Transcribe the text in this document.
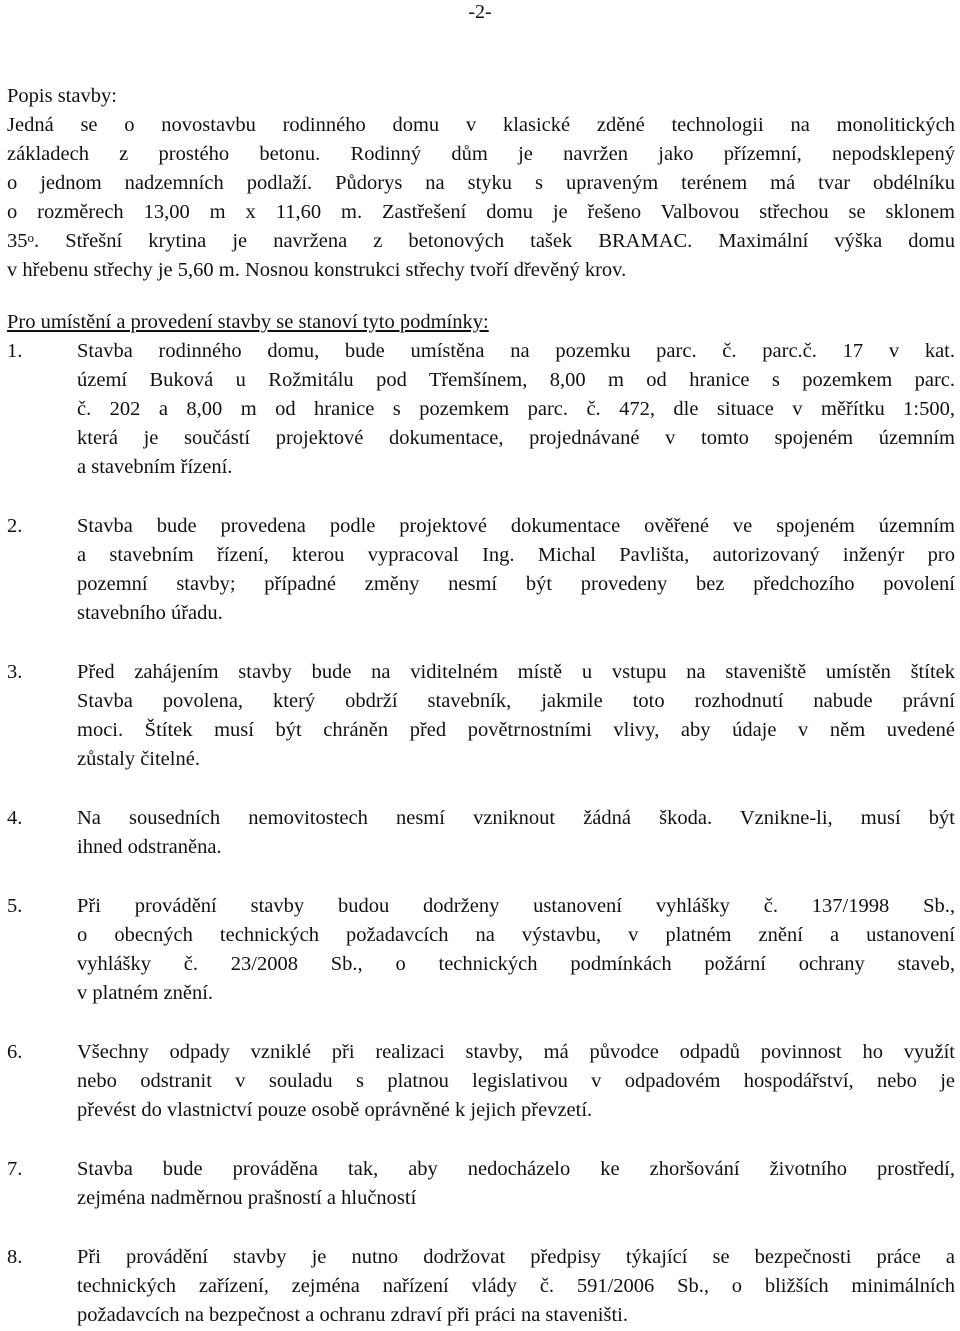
-2-
Popis stavby:
Jedná se o novostavbu rodinného domu v klasické zděné technologii na monolitických
základech z prostého betonu. Rodinný dům je navržen jako přízemní, nepodsklepený
o jednom nadzemních podlaží. Půdorys na styku s upraveným terénem má tvar obdélníku
o rozměrech 13,00 m x 11,60 m. Zastřešení domu je řešeno Valbovou střechou se sklonem
35$^o$. Střešní krytina je navržena z betonových tašek BRAMAC. Maximální výška domu
v hřebenu střechy je 5,60 m. Nosnou konstrukci střechy tvoří dřevěný krov.
Pro umístění a provedení stavby se stanoví tyto podmínky:
1.	Stavba rodinného domu, bude umístěna na pozemku parc. č. parc.č. 17 v kat.
území Buková u Rožmitálu pod Třemšínem, 8,00 m od hranice s pozemkem parc.
č. 202 a 8,00 m od hranice s pozemkem parc. č. 472, dle situace v měřítku 1:500,
která je součástí projektové dokumentace, projednávané v tomto spojeném územním
a stavebním řízení.
2.	Stavba bude provedena podle projektové dokumentace ověřené ve spojeném územním
a stavebním řízení, kterou vypracoval Ing. Michal Pavlišta, autorizovaný inženýr pro
pozemní stavby; případné změny nesmí být provedeny bez předchozího povolení
stavebního úřadu.
3.	Před zahájením stavby bude na viditelném místě u vstupu na staveniště umístěn štítek
Stavba povolena, který obdrží stavebník, jakmile toto rozhodnutí nabude právní
moci. Štítek musí být chráněn před povětrnostními vlivy, aby údaje v něm uvedené
zůstaly čitelné.
4.	Na sousedních nemovitostech nesmí vzniknout žádná škoda. Vznikne-li, musí být
ihned odstraněna.
5.	Při provádění stavby budou dodrženy ustanovení vyhlášky č. 137/1998 Sb.,
o obecných technických požadavcích na výstavbu, v platném znění a ustanovení
vyhlášky č. 23/2008 Sb., o technických podmínkách požární ochrany staveb,
v platném znění.
6.	Všechny odpady vzniklé při realizaci stavby, má původce odpadů povinnost ho využít
nebo odstranit v souladu s platnou legislativou v odpadovém hospodářství, nebo je
převést do vlastnictví pouze osobě oprávněné k jejich převzetí.
7.	Stavba bude prováděna tak, aby nedocházelo ke zhoršování životního prostředí,
zejména nadměrnou prašností a hlučností
8.	Při provádění stavby je nutno dodržovat předpisy týkající se bezpečnosti práce a
technických zařízení, zejména nařízení vlády č. 591/2006 Sb., o bližších minimálních
požadavcích na bezpečnost a ochranu zdraví při práci na staveništi.
